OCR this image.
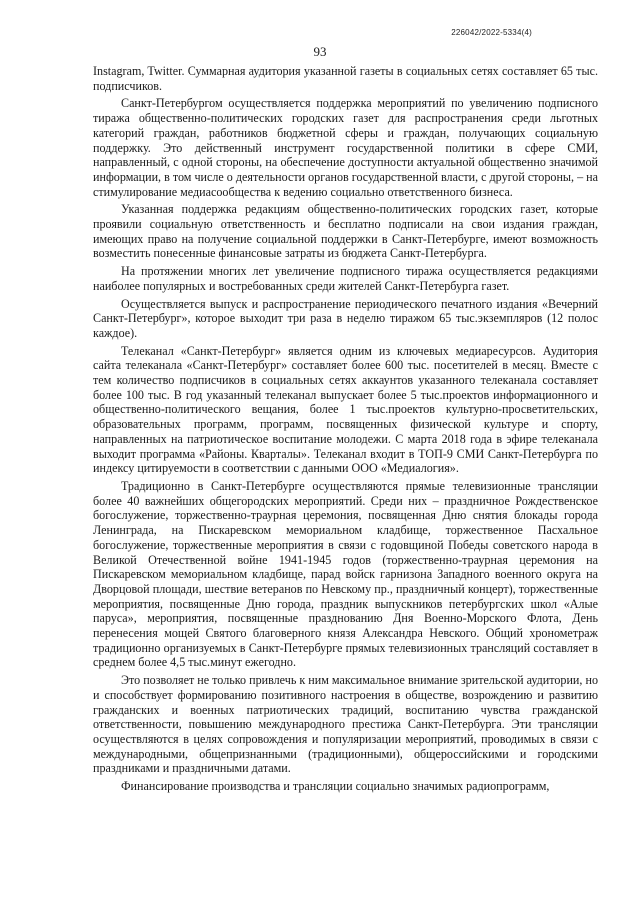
226042/2022-5334(4)
93

Instagram, Twitter. Суммарная аудитория указанной газеты в социальных сетях составляет 65 тыс. подписчиков.

Санкт-Петербургом осуществляется поддержка мероприятий по увеличению подписного тиража общественно-политических городских газет для распространения среди льготных категорий граждан, работников бюджетной сферы и граждан, получающих социальную поддержку. Это действенный инструмент государственной политики в сфере СМИ, направленный, с одной стороны, на обеспечение доступности актуальной общественно значимой информации, в том числе о деятельности органов государственной власти, с другой стороны, – на стимулирование медиасообщества к ведению социально ответственного бизнеса.

Указанная поддержка редакциям общественно-политических городских газет, которые проявили социальную ответственность и бесплатно подписали на свои издания граждан, имеющих право на получение социальной поддержки в Санкт-Петербурге, имеют возможность возместить понесенные финансовые затраты из бюджета Санкт-Петербурга.

На протяжении многих лет увеличение подписного тиража осуществляется редакциями наиболее популярных и востребованных среди жителей Санкт-Петербурга газет.

Осуществляется выпуск и распространение периодического печатного издания «Вечерний Санкт-Петербург», которое выходит три раза в неделю тиражом 65 тыс.экземпляров (12 полос каждое).

Телеканал «Санкт-Петербург» является одним из ключевых медиаресурсов. Аудитория сайта телеканала «Санкт-Петербург» составляет более 600 тыс. посетителей в месяц. Вместе с тем количество подписчиков в социальных сетях аккаунтов указанного телеканала составляет более 100 тыс. В год указанный телеканал выпускает более 5 тыс.проектов информационного и общественно-политического вещания, более 1 тыс.проектов культурно-просветительских, образовательных программ, программ, посвященных физической культуре и спорту, направленных на патриотическое воспитание молодежи. С марта 2018 года в эфире телеканала выходит программа «Районы. Кварталы». Телеканал входит в ТОП-9 СМИ Санкт-Петербурга по индексу цитируемости в соответствии с данными ООО «Медиалогия».

Традиционно в Санкт-Петербурге осуществляются прямые телевизионные трансляции более 40 важнейших общегородских мероприятий. Среди них – праздничное Рождественское богослужение, торжественно-траурная церемония, посвященная Дню снятия блокады города Ленинграда, на Пискаревском мемориальном кладбище, торжественное Пасхальное богослужение, торжественные мероприятия в связи с годовщиной Победы советского народа в Великой Отечественной войне 1941-1945 годов (торжественно-траурная церемония на Пискаревском мемориальном кладбище, парад войск гарнизона Западного военного округа на Дворцовой площади, шествие ветеранов по Невскому пр., праздничный концерт), торжественные мероприятия, посвященные Дню города, праздник выпускников петербургских школ «Алые паруса», мероприятия, посвященные празднованию Дня Военно-Морского Флота, День перенесения мощей Святого благоверного князя Александра Невского. Общий хронометраж традиционно организуемых в Санкт-Петербурге прямых телевизионных трансляций составляет в среднем более 4,5 тыс.минут ежегодно.

Это позволяет не только привлечь к ним максимальное внимание зрительской аудитории, но и способствует формированию позитивного настроения в обществе, возрождению и развитию гражданских и военных патриотических традиций, воспитанию чувства гражданской ответственности, повышению международного престижа Санкт-Петербурга. Эти трансляции осуществляются в целях сопровождения и популяризации мероприятий, проводимых в связи с международными, общепризнанными (традиционными), общероссийскими и городскими праздниками и праздничными датами.

Финансирование производства и трансляции социально значимых радиопрограмм,
